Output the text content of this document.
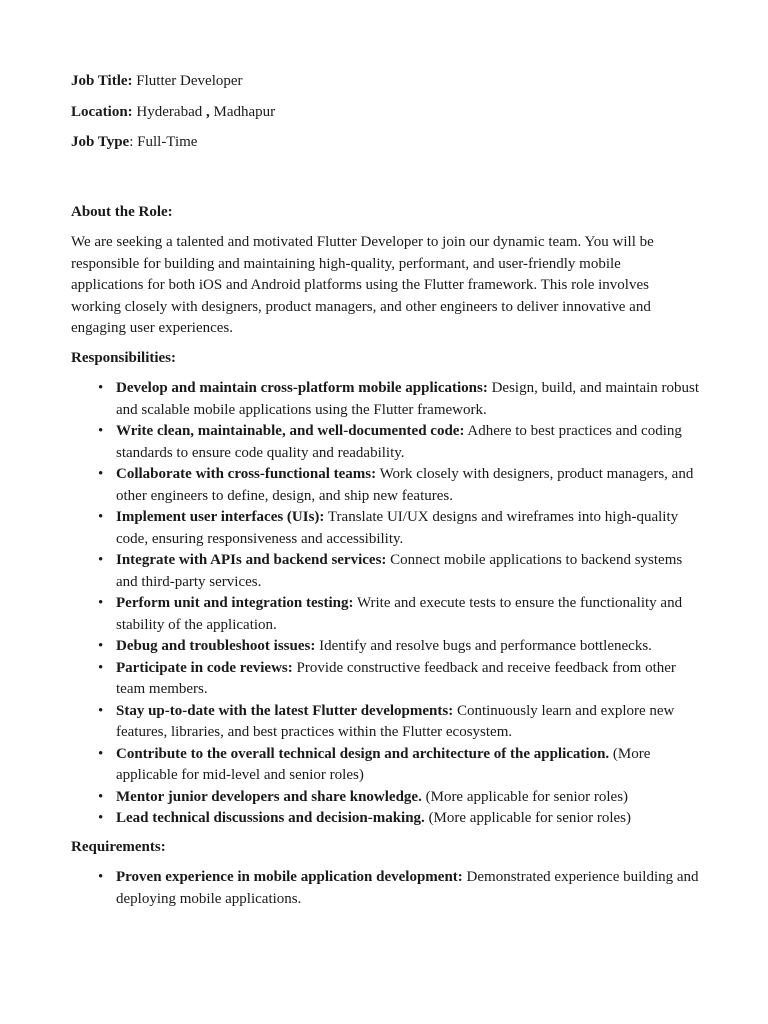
Job Title: Flutter Developer

Location: Hyderabad , Madhapur

Job Type: Full-Time

About the Role:

We are seeking a talented and motivated Flutter Developer to join our dynamic team. You will be responsible for building and maintaining high-quality, performant, and user-friendly mobile applications for both iOS and Android platforms using the Flutter framework. This role involves working closely with designers, product managers, and other engineers to deliver innovative and engaging user experiences.

Responsibilities:

• Develop and maintain cross-platform mobile applications: Design, build, and maintain robust and scalable mobile applications using the Flutter framework.
• Write clean, maintainable, and well-documented code: Adhere to best practices and coding standards to ensure code quality and readability.
• Collaborate with cross-functional teams: Work closely with designers, product managers, and other engineers to define, design, and ship new features.
• Implement user interfaces (UIs): Translate UI/UX designs and wireframes into high-quality code, ensuring responsiveness and accessibility.
• Integrate with APIs and backend services: Connect mobile applications to backend systems and third-party services.
• Perform unit and integration testing: Write and execute tests to ensure the functionality and stability of the application.
• Debug and troubleshoot issues: Identify and resolve bugs and performance bottlenecks.
• Participate in code reviews: Provide constructive feedback and receive feedback from other team members.
• Stay up-to-date with the latest Flutter developments: Continuously learn and explore new features, libraries, and best practices within the Flutter ecosystem.
• Contribute to the overall technical design and architecture of the application. (More applicable for mid-level and senior roles)
• Mentor junior developers and share knowledge. (More applicable for senior roles)
• Lead technical discussions and decision-making. (More applicable for senior roles)

Requirements:

• Proven experience in mobile application development: Demonstrated experience building and deploying mobile applications.
